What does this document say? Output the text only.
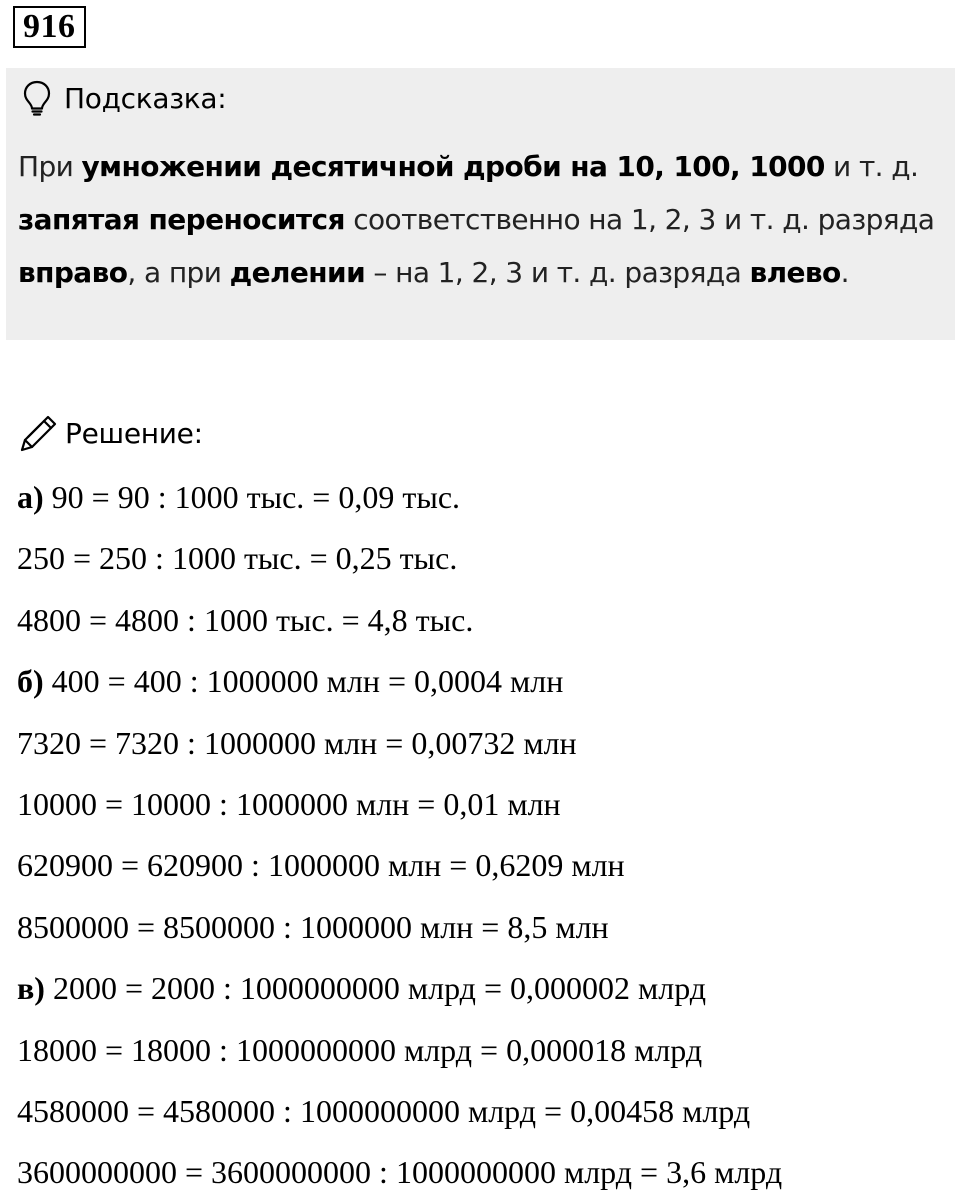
916
Подсказка:
При умножении десятичной дроби на 10, 100, 1000 и т. д.
запятая переносится соответственно на 1, 2, 3 и т. д. разряда
вправо, а при делении – на 1, 2, 3 и т. д. разряда влево.
Решение:
а) 90 = 90 : 1000 тыс. = 0,09 тыс.
250 = 250 : 1000 тыс. = 0,25 тыс.
4800 = 4800 : 1000 тыс. = 4,8 тыс.
б) 400 = 400 : 1000000 млн = 0,0004 млн
7320 = 7320 : 1000000 млн = 0,00732 млн
10000 = 10000 : 1000000 млн = 0,01 млн
620900 = 620900 : 1000000 млн = 0,6209 млн
8500000 = 8500000 : 1000000 млн = 8,5 млн
в) 2000 = 2000 : 1000000000 млрд = 0,000002 млрд
18000 = 18000 : 1000000000 млрд = 0,000018 млрд
4580000 = 4580000 : 1000000000 млрд = 0,00458 млрд
3600000000 = 3600000000 : 1000000000 млрд = 3,6 млрд
